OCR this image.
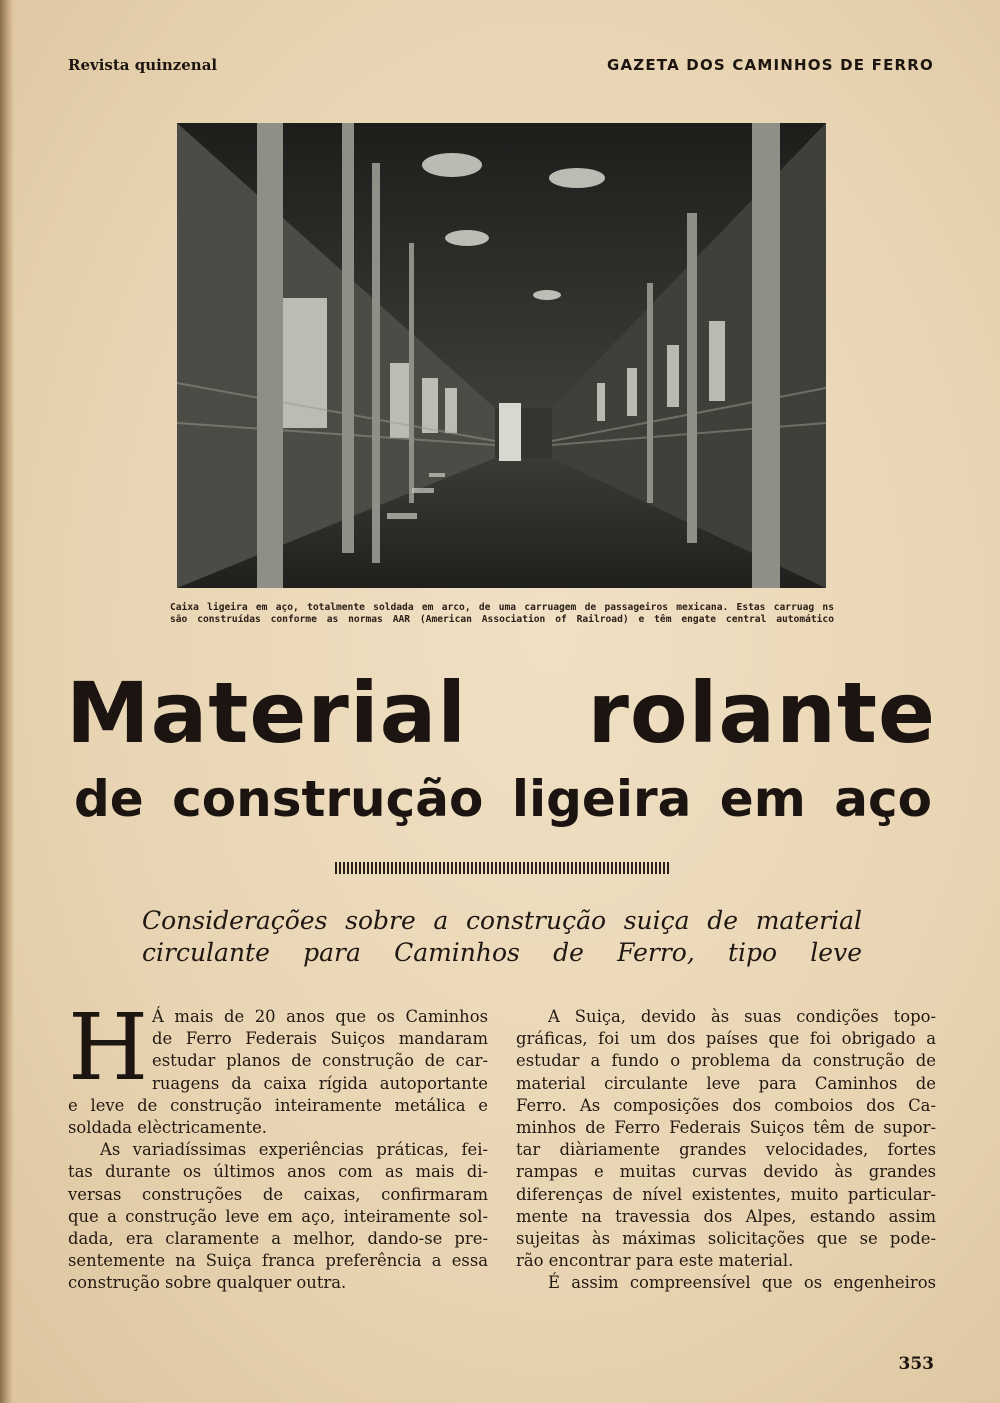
Revista quinzenal	GAZETA DOS CAMINHOS DE FERRO
Caixa ligeira em aço, totalmente soldada em arco, de uma carruagem de passageiros mexicana. Estas carruag ns
são construídas conforme as normas AAR (American Association of Railroad) e têm engate central automático
Material rolante
de construção ligeira em aço
Considerações sobre a construção suiça de material
circulante para Caminhos de Ferro, tipo leve
H Á mais de 20 anos que os Caminhos
de Ferro Federais Suiços mandaram
estudar planos de construção de car-
ruagens da caixa rígida autoportante
e leve de construção inteiramente metálica e
soldada elèctricamente.
As variadíssimas experiências práticas, fei-
tas durante os últimos anos com as mais di-
versas construções de caixas, confirmaram
que a construção leve em aço, inteiramente sol-
dada, era claramente a melhor, dando-se pre-
sentemente na Suiça franca preferência a essa
construção sobre qualquer outra.
A Suiça, devido às suas condições topo-
gráficas, foi um dos países que foi obrigado a
estudar a fundo o problema da construção de
material circulante leve para Caminhos de
Ferro. As composições dos comboios dos Ca-
minhos de Ferro Federais Suiços têm de supor-
tar diàriamente grandes velocidades, fortes
rampas e muitas curvas devido às grandes
diferenças de nível existentes, muito particular-
mente na travessia dos Alpes, estando assim
sujeitas às máximas solicitações que se pode-
rão encontrar para este material.
É assim compreensível que os engenheiros
353
